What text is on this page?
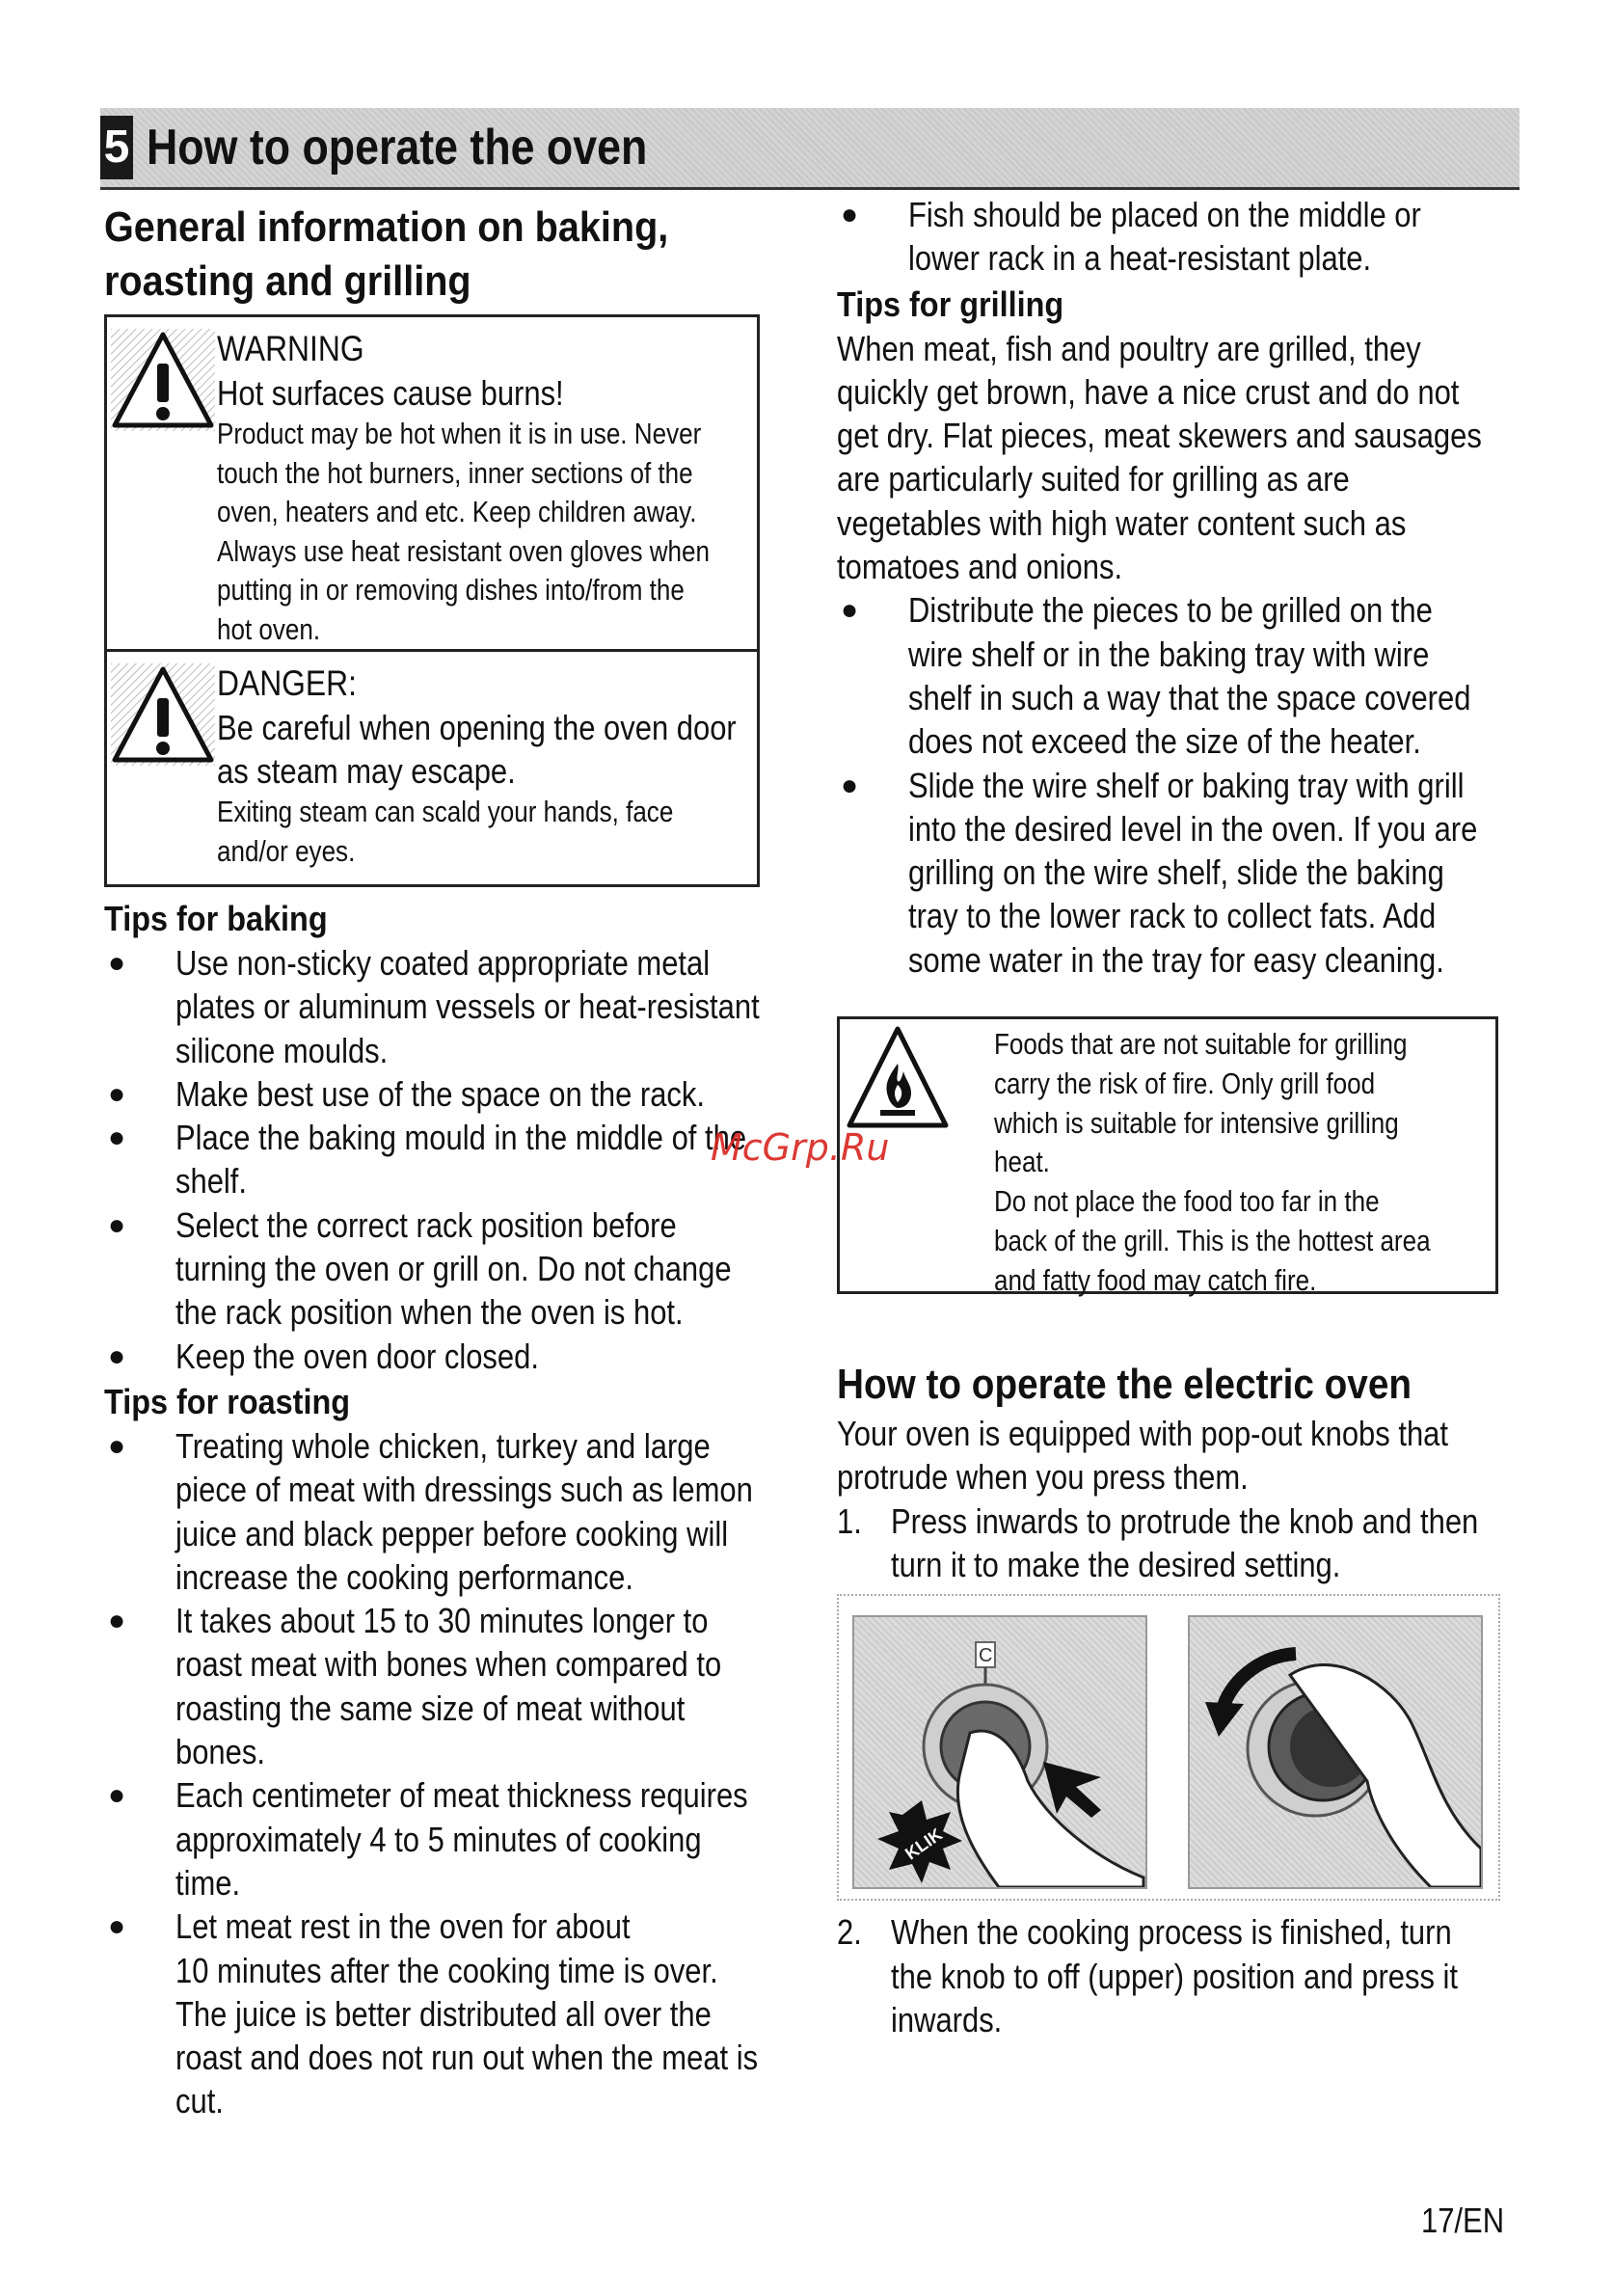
5 How to operate the oven
General information on baking,
roasting and grilling
WARNING
Hot surfaces cause burns!
Product may be hot when it is in use. Never
touch the hot burners, inner sections of the
oven, heaters and etc. Keep children away.
Always use heat resistant oven gloves when
putting in or removing dishes into/from the
hot oven.
DANGER:
Be careful when opening the oven door
as steam may escape.
Exiting steam can scald your hands, face
and/or eyes.
Tips for baking
● Use non-sticky coated appropriate metal
plates or aluminum vessels or heat-resistant
silicone moulds.
● Make best use of the space on the rack.
● Place the baking mould in the middle of the
shelf.
● Select the correct rack position before
turning the oven or grill on. Do not change
the rack position when the oven is hot.
● Keep the oven door closed.
Tips for roasting
● Treating whole chicken, turkey and large
piece of meat with dressings such as lemon
juice and black pepper before cooking will
increase the cooking performance.
● It takes about 15 to 30 minutes longer to
roast meat with bones when compared to
roasting the same size of meat without
bones.
● Each centimeter of meat thickness requires
approximately 4 to 5 minutes of cooking
time.
● Let meat rest in the oven for about
10 minutes after the cooking time is over.
The juice is better distributed all over the
roast and does not run out when the meat is
cut.
● Fish should be placed on the middle or
lower rack in a heat-resistant plate.
Tips for grilling
When meat, fish and poultry are grilled, they
quickly get brown, have a nice crust and do not
get dry. Flat pieces, meat skewers and sausages
are particularly suited for grilling as are
vegetables with high water content such as
tomatoes and onions.
● Distribute the pieces to be grilled on the
wire shelf or in the baking tray with wire
shelf in such a way that the space covered
does not exceed the size of the heater.
● Slide the wire shelf or baking tray with grill
into the desired level in the oven. If you are
grilling on the wire shelf, slide the baking
tray to the lower rack to collect fats. Add
some water in the tray for easy cleaning.
Foods that are not suitable for grilling
carry the risk of fire. Only grill food
which is suitable for intensive grilling
heat.
Do not place the food too far in the
back of the grill. This is the hottest area
and fatty food may catch fire.
How to operate the electric oven
Your oven is equipped with pop-out knobs that
protrude when you press them.
1. Press inwards to protrude the knob and then
turn it to make the desired setting.
C
KLIK
2. When the cooking process is finished, turn
the knob to off (upper) position and press it
inwards.
McGrp.Ru
17/EN
